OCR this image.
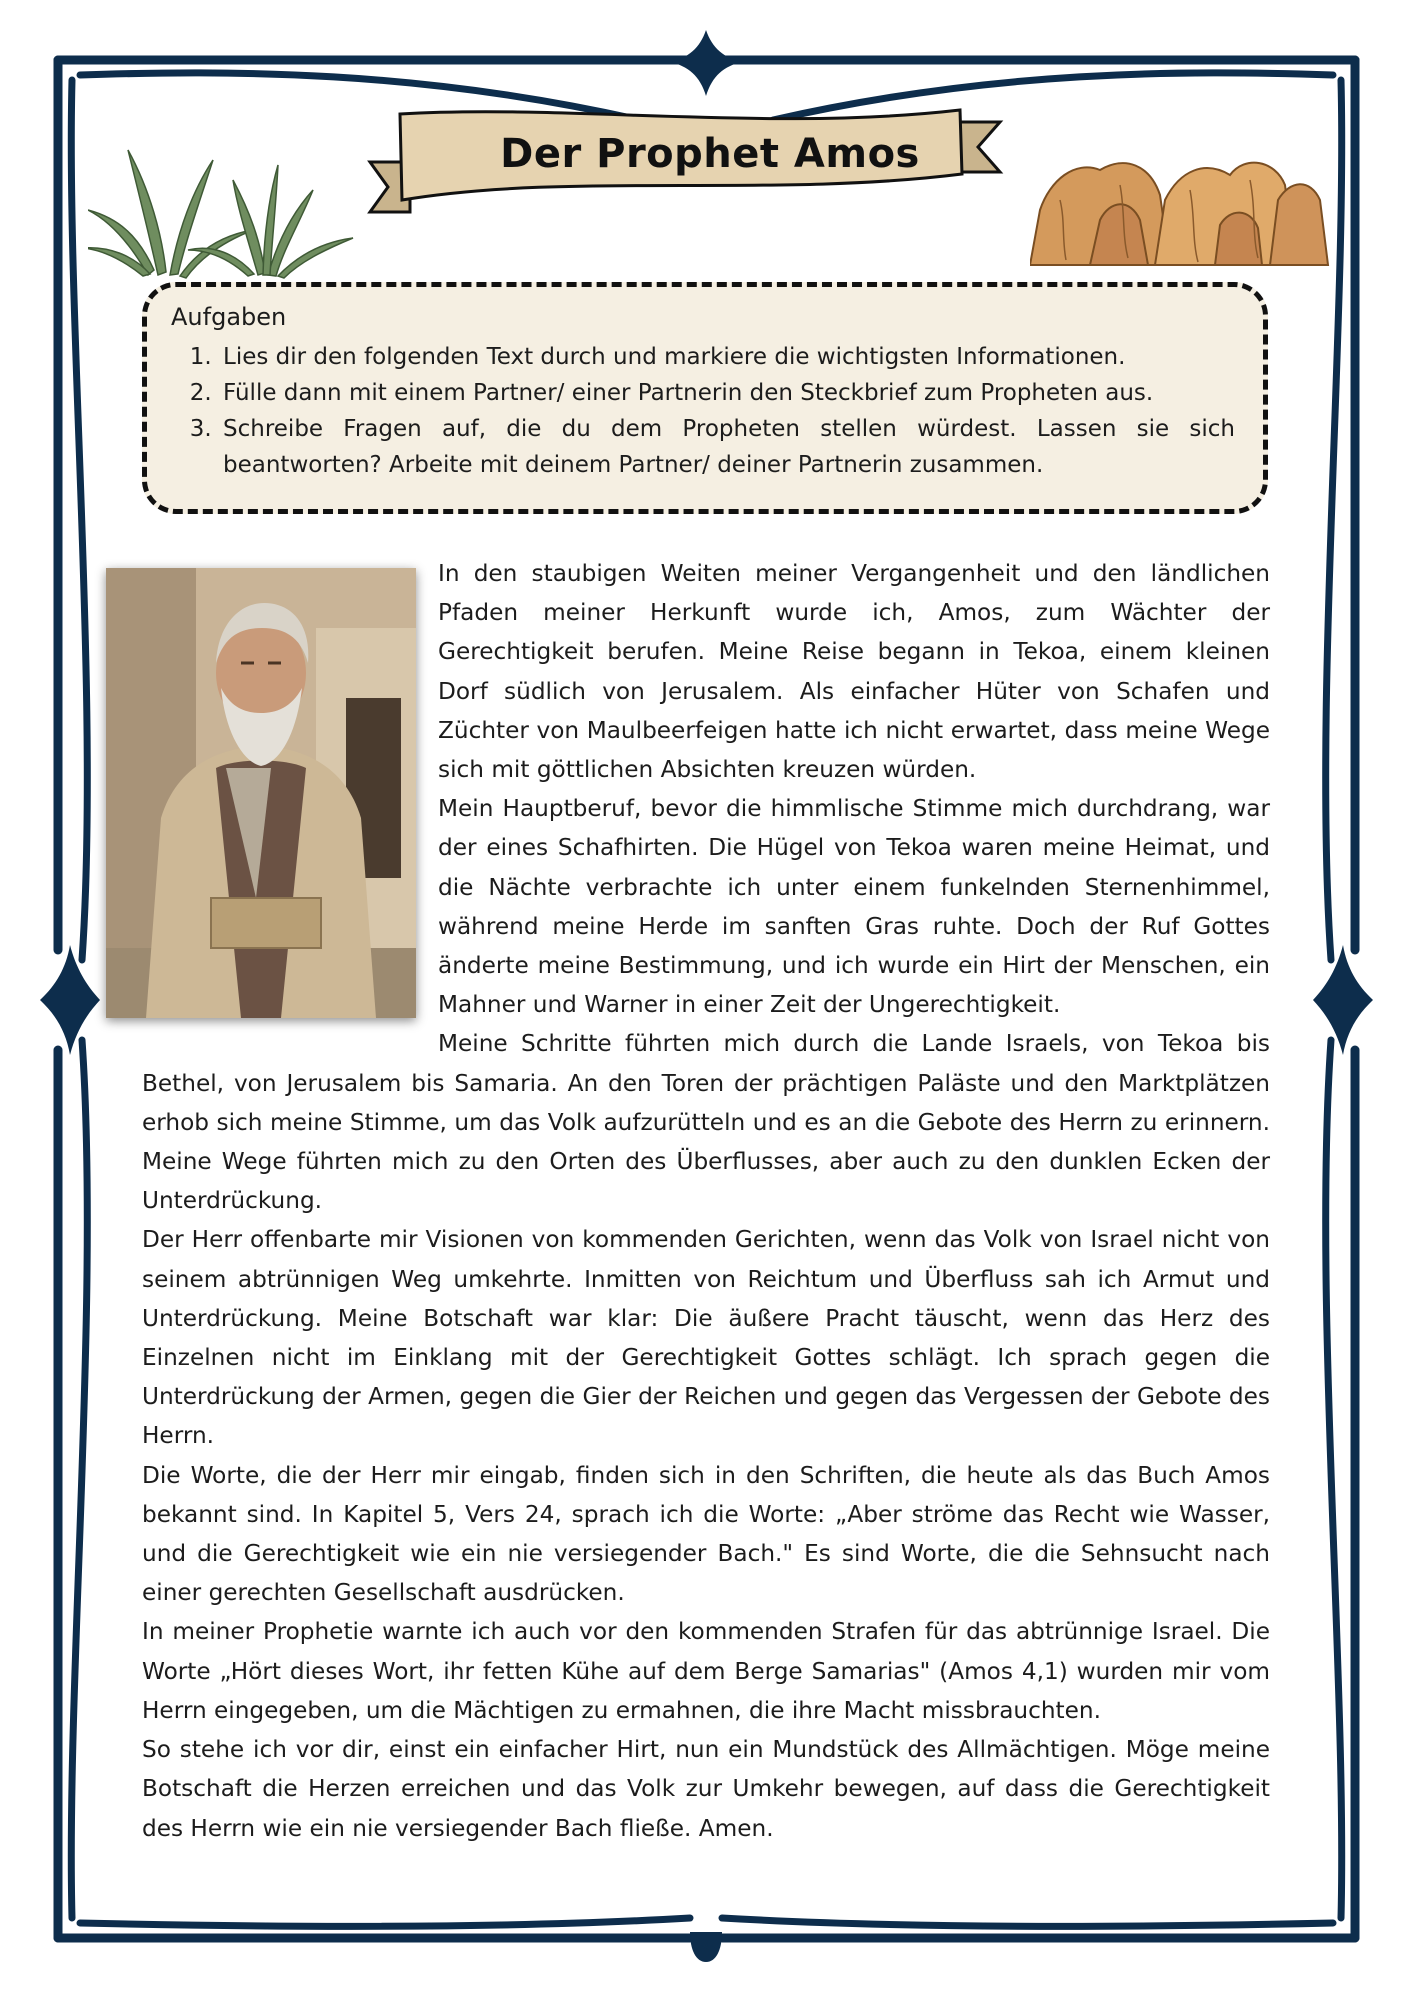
Der Prophet Amos
Aufgaben
1. Lies dir den folgenden Text durch und markiere die wichtigsten Informationen.
2. Fülle dann mit einem Partner/ einer Partnerin den Steckbrief zum Propheten aus.
3. Schreibe Fragen auf, die du dem Propheten stellen würdest. Lassen sie sich beantworten? Arbeite mit deinem Partner/ deiner Partnerin zusammen.

In den staubigen Weiten meiner Vergangenheit und den ländlichen Pfaden meiner Herkunft wurde ich, Amos, zum Wächter der Gerechtigkeit berufen. Meine Reise begann in Tekoa, einem kleinen Dorf südlich von Jerusalem. Als einfacher Hüter von Schafen und Züchter von Maulbeerfeigen hatte ich nicht erwartet, dass meine Wege sich mit göttlichen Absichten kreuzen würden.

Mein Hauptberuf, bevor die himmlische Stimme mich durchdrang, war der eines Schafhirten. Die Hügel von Tekoa waren meine Heimat, und die Nächte verbrachte ich unter einem funkelnden Sternenhimmel, während meine Herde im sanften Gras ruhte. Doch der Ruf Gottes änderte meine Bestimmung, und ich wurde ein Hirt der Menschen, ein Mahner und Warner in einer Zeit der Ungerechtigkeit.

Meine Schritte führten mich durch die Lande Israels, von Tekoa bis Bethel, von Jerusalem bis Samaria. An den Toren der prächtigen Paläste und den Marktplätzen erhob sich meine Stimme, um das Volk aufzurütteln und es an die Gebote des Herrn zu erinnern. Meine Wege führten mich zu den Orten des Überflusses, aber auch zu den dunklen Ecken der Unterdrückung.

Der Herr offenbarte mir Visionen von kommenden Gerichten, wenn das Volk von Israel nicht von seinem abtrünnigen Weg umkehrte. Inmitten von Reichtum und Überfluss sah ich Armut und Unterdrückung. Meine Botschaft war klar: Die äußere Pracht täuscht, wenn das Herz des Einzelnen nicht im Einklang mit der Gerechtigkeit Gottes schlägt. Ich sprach gegen die Unterdrückung der Armen, gegen die Gier der Reichen und gegen das Vergessen der Gebote des Herrn.

Die Worte, die der Herr mir eingab, finden sich in den Schriften, die heute als das Buch Amos bekannt sind. In Kapitel 5, Vers 24, sprach ich die Worte: „Aber ströme das Recht wie Wasser, und die Gerechtigkeit wie ein nie versiegender Bach." Es sind Worte, die die Sehnsucht nach einer gerechten Gesellschaft ausdrücken.

In meiner Prophetie warnte ich auch vor den kommenden Strafen für das abtrünnige Israel. Die Worte „Hört dieses Wort, ihr fetten Kühe auf dem Berge Samarias" (Amos 4,1) wurden mir vom Herrn eingegeben, um die Mächtigen zu ermahnen, die ihre Macht missbrauchten.

So stehe ich vor dir, einst ein einfacher Hirt, nun ein Mundstück des Allmächtigen. Möge meine Botschaft die Herzen erreichen und das Volk zur Umkehr bewegen, auf dass die Gerechtigkeit des Herrn wie ein nie versiegender Bach fließe. Amen.
